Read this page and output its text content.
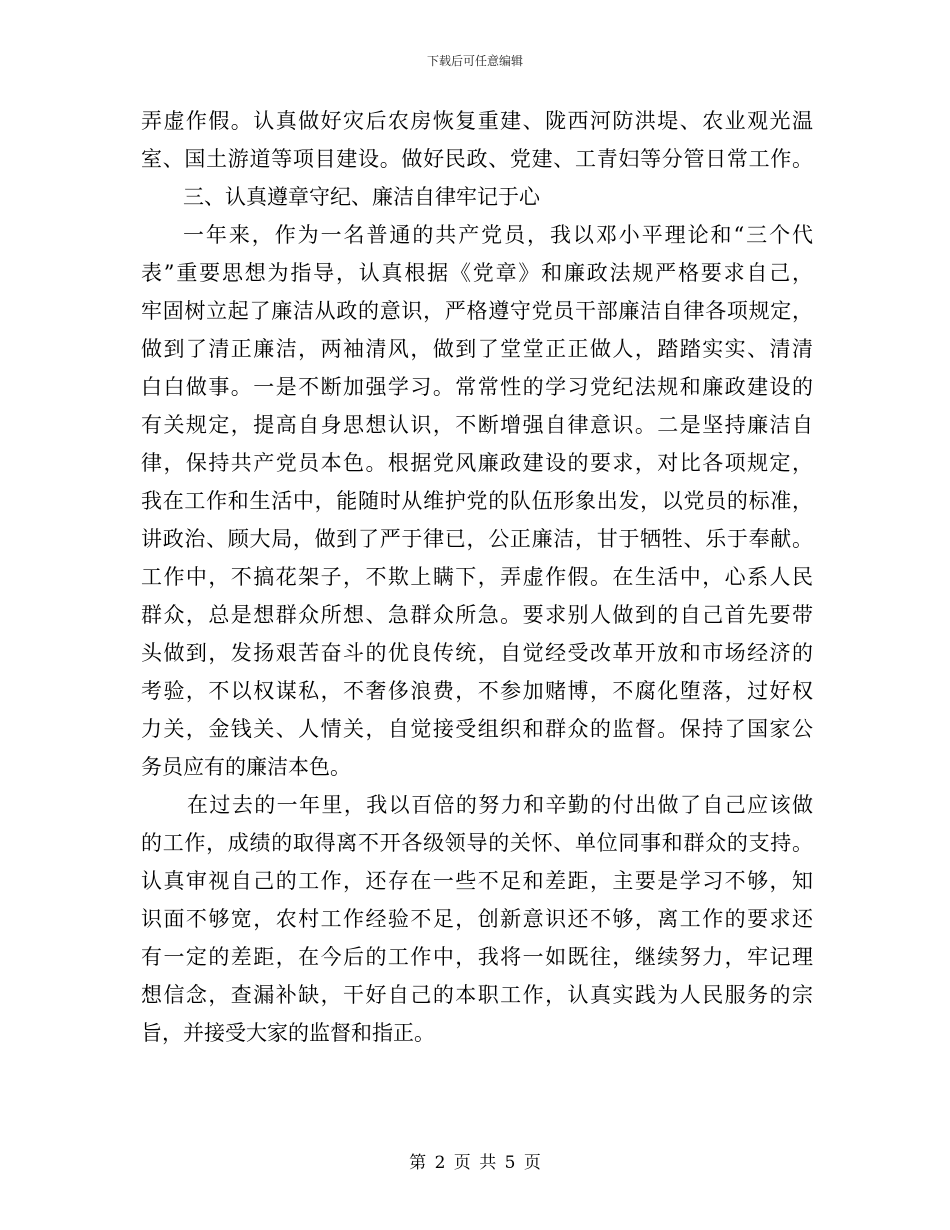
下载后可任意编辑
弄虚作假。认真做好灾后农房恢复重建、陇西河防洪堤、农业观光温
室、国土游道等项目建设。做好民政、党建、工青妇等分管日常工作。
三、认真遵章守纪、廉洁自律牢记于心
一年来，作为一名普通的共产党员，我以邓小平理论和“三个代
表”重要思想为指导，认真根据《党章》和廉政法规严格要求自己，
牢固树立起了廉洁从政的意识，严格遵守党员干部廉洁自律各项规定，
做到了清正廉洁，两袖清风，做到了堂堂正正做人，踏踏实实、清清
白白做事。一是不断加强学习。常常性的学习党纪法规和廉政建设的
有关规定，提高自身思想认识，不断增强自律意识。二是坚持廉洁自
律，保持共产党员本色。根据党风廉政建设的要求，对比各项规定，
我在工作和生活中，能随时从维护党的队伍形象出发，以党员的标准，
讲政治、顾大局，做到了严于律已，公正廉洁，甘于牺牲、乐于奉献。
工作中，不搞花架子，不欺上瞒下，弄虚作假。在生活中，心系人民
群众，总是想群众所想、急群众所急。要求别人做到的自己首先要带
头做到，发扬艰苦奋斗的优良传统，自觉经受改革开放和市场经济的
考验，不以权谋私，不奢侈浪费，不参加赌博，不腐化堕落，过好权
力关，金钱关、人情关，自觉接受组织和群众的监督。保持了国家公
务员应有的廉洁本色。
在过去的一年里，我以百倍的努力和辛勤的付出做了自己应该做
的工作，成绩的取得离不开各级领导的关怀、单位同事和群众的支持。
认真审视自己的工作，还存在一些不足和差距，主要是学习不够，知
识面不够宽，农村工作经验不足，创新意识还不够，离工作的要求还
有一定的差距，在今后的工作中，我将一如既往，继续努力，牢记理
想信念，查漏补缺，干好自己的本职工作，认真实践为人民服务的宗
旨，并接受大家的监督和指正。
第 2 页 共 5 页
